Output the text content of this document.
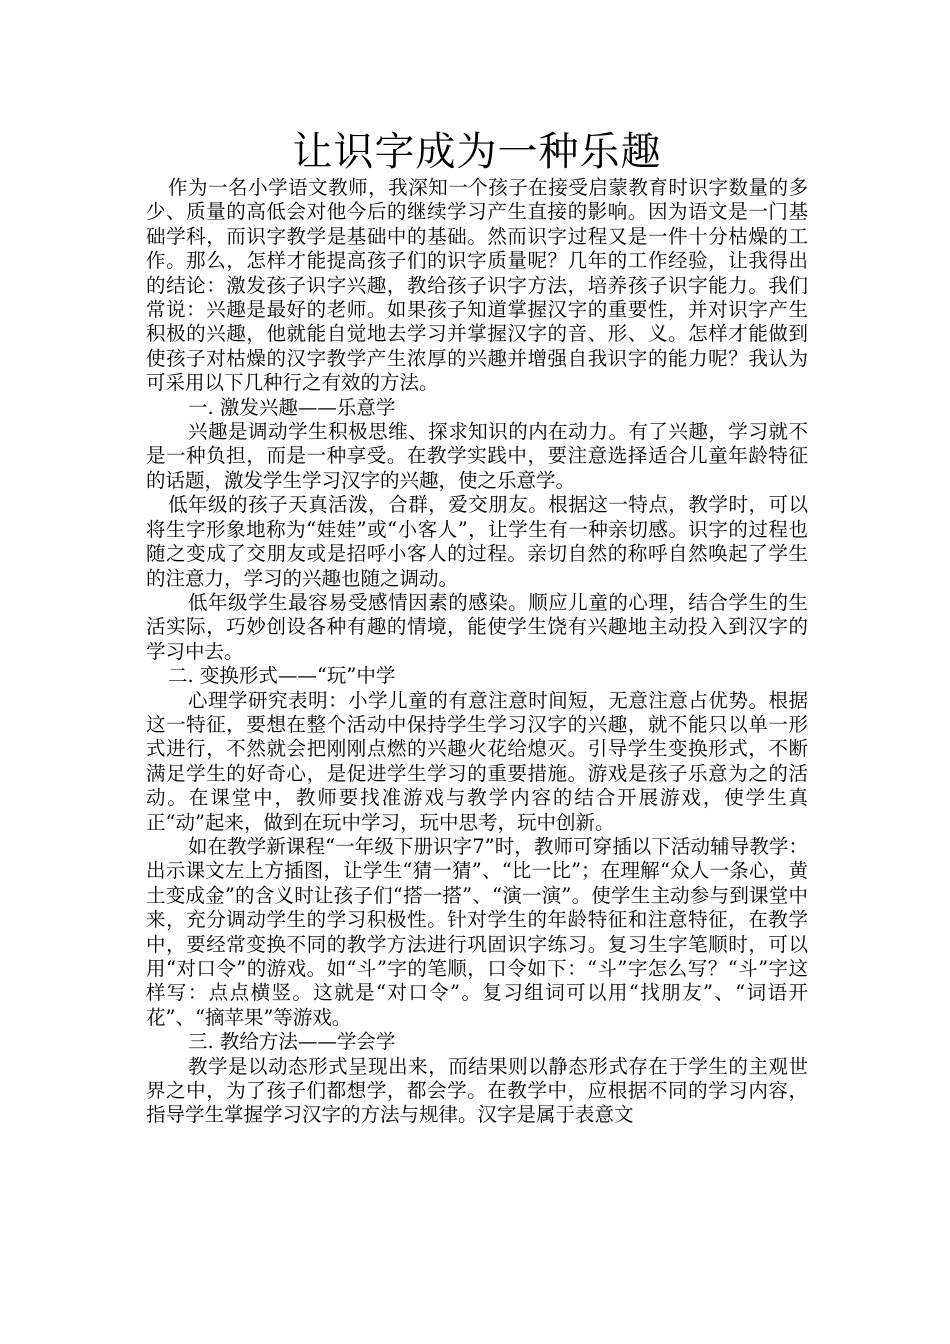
让识字成为一种乐趣

作为一名小学语文教师，我深知一个孩子在接受启蒙教育时识字数量的多少、质量的高低会对他今后的继续学习产生直接的影响。因为语文是一门基础学科，而识字教学是基础中的基础。然而识字过程又是一件十分枯燥的工作。那么，怎样才能提高孩子们的识字质量呢？几年的工作经验，让我得出的结论：激发孩子识字兴趣，教给孩子识字方法，培养孩子识字能力。我们常说：兴趣是最好的老师。如果孩子知道掌握汉字的重要性，并对识字产生积极的兴趣，他就能自觉地去学习并掌握汉字的音、形、义。怎样才能做到使孩子对枯燥的汉字教学产生浓厚的兴趣并增强自我识字的能力呢？我认为可采用以下几种行之有效的方法。

一. 激发兴趣——乐意学

兴趣是调动学生积极思维、探求知识的内在动力。有了兴趣，学习就不是一种负担，而是一种享受。在教学实践中，要注意选择适合儿童年龄特征的话题，激发学生学习汉字的兴趣，使之乐意学。

低年级的孩子天真活泼，合群，爱交朋友。根据这一特点，教学时，可以将生字形象地称为“娃娃”或“小客人”，让学生有一种亲切感。识字的过程也随之变成了交朋友或是招呼小客人的过程。亲切自然的称呼自然唤起了学生的注意力，学习的兴趣也随之调动。

低年级学生最容易受感情因素的感染。顺应儿童的心理，结合学生的生活实际，巧妙创设各种有趣的情境，能使学生饶有兴趣地主动投入到汉字的学习中去。

二. 变换形式——“玩”中学

心理学研究表明：小学儿童的有意注意时间短，无意注意占优势。根据这一特征，要想在整个活动中保持学生学习汉字的兴趣，就不能只以单一形式进行，不然就会把刚刚点燃的兴趣火花给熄灭。引导学生变换形式，不断满足学生的好奇心，是促进学生学习的重要措施。游戏是孩子乐意为之的活动。在课堂中，教师要找准游戏与教学内容的结合开展游戏，使学生真正“动”起来，做到在玩中学习，玩中思考，玩中创新。

如在教学新课程“一年级下册识字7”时，教师可穿插以下活动辅导教学：出示课文左上方插图，让学生“猜一猜”、“比一比”；在理解“众人一条心，黄土变成金”的含义时让孩子们“搭一搭”、“演一演”。使学生主动参与到课堂中来，充分调动学生的学习积极性。针对学生的年龄特征和注意特征，在教学中，要经常变换不同的教学方法进行巩固识字练习。复习生字笔顺时，可以用“对口令”的游戏。如“斗”字的笔顺，口令如下：“斗”字怎么写？“斗”字这样写：点点横竖。这就是“对口令”。复习组词可以用“找朋友”、“词语开花”、“摘苹果”等游戏。

三. 教给方法——学会学

教学是以动态形式呈现出来，而结果则以静态形式存在于学生的主观世界之中，为了孩子们都想学，都会学。在教学中，应根据不同的学习内容，指导学生掌握学习汉字的方法与规律。汉字是属于表意文
